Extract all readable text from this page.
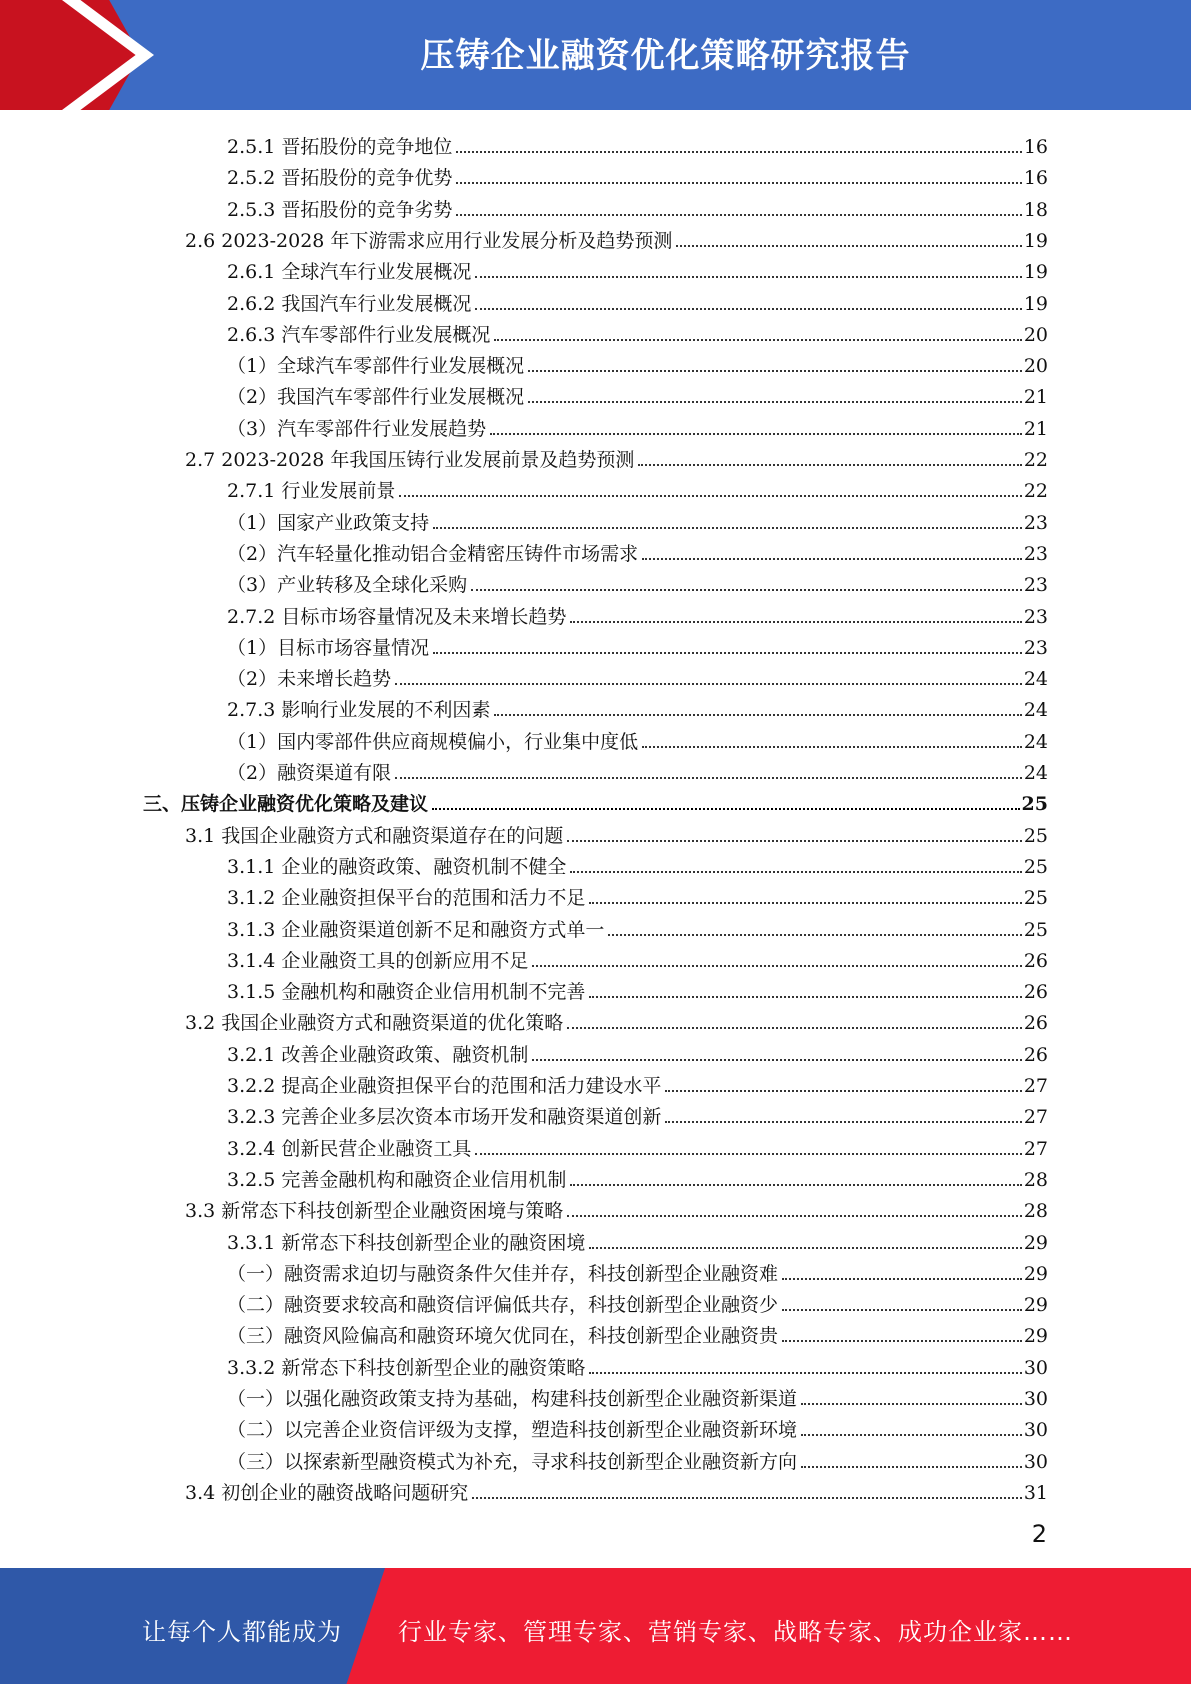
压铸企业融资优化策略研究报告
2.5.1 晋拓股份的竞争地位	16
2.5.2 晋拓股份的竞争优势	16
2.5.3 晋拓股份的竞争劣势	18
2.6 2023-2028 年下游需求应用行业发展分析及趋势预测	19
2.6.1 全球汽车行业发展概况	19
2.6.2 我国汽车行业发展概况	19
2.6.3 汽车零部件行业发展概况	20
（1）全球汽车零部件行业发展概况	20
（2）我国汽车零部件行业发展概况	21
（3）汽车零部件行业发展趋势	21
2.7 2023-2028 年我国压铸行业发展前景及趋势预测	22
2.7.1 行业发展前景	22
（1）国家产业政策支持	23
（2）汽车轻量化推动铝合金精密压铸件市场需求	23
（3）产业转移及全球化采购	23
2.7.2 目标市场容量情况及未来增长趋势	23
（1）目标市场容量情况	23
（2）未来增长趋势	24
2.7.3 影响行业发展的不利因素	24
（1）国内零部件供应商规模偏小，行业集中度低	24
（2）融资渠道有限	24
三、压铸企业融资优化策略及建议	25
3.1 我国企业融资方式和融资渠道存在的问题	25
3.1.1 企业的融资政策、融资机制不健全	25
3.1.2 企业融资担保平台的范围和活力不足	25
3.1.3 企业融资渠道创新不足和融资方式单一	25
3.1.4 企业融资工具的创新应用不足	26
3.1.5 金融机构和融资企业信用机制不完善	26
3.2 我国企业融资方式和融资渠道的优化策略	26
3.2.1 改善企业融资政策、融资机制	26
3.2.2 提高企业融资担保平台的范围和活力建设水平	27
3.2.3 完善企业多层次资本市场开发和融资渠道创新	27
3.2.4 创新民营企业融资工具	27
3.2.5 完善金融机构和融资企业信用机制	28
3.3 新常态下科技创新型企业融资困境与策略	28
3.3.1 新常态下科技创新型企业的融资困境	29
（一）融资需求迫切与融资条件欠佳并存，科技创新型企业融资难	29
（二）融资要求较高和融资信评偏低共存，科技创新型企业融资少	29
（三）融资风险偏高和融资环境欠优同在，科技创新型企业融资贵	29
3.3.2 新常态下科技创新型企业的融资策略	30
（一）以强化融资政策支持为基础，构建科技创新型企业融资新渠道	30
（二）以完善企业资信评级为支撑，塑造科技创新型企业融资新环境	30
（三）以探索新型融资模式为补充，寻求科技创新型企业融资新方向	30
3.4 初创企业的融资战略问题研究	31
2
让每个人都能成为 行业专家、管理专家、营销专家、战略专家、成功企业家……
